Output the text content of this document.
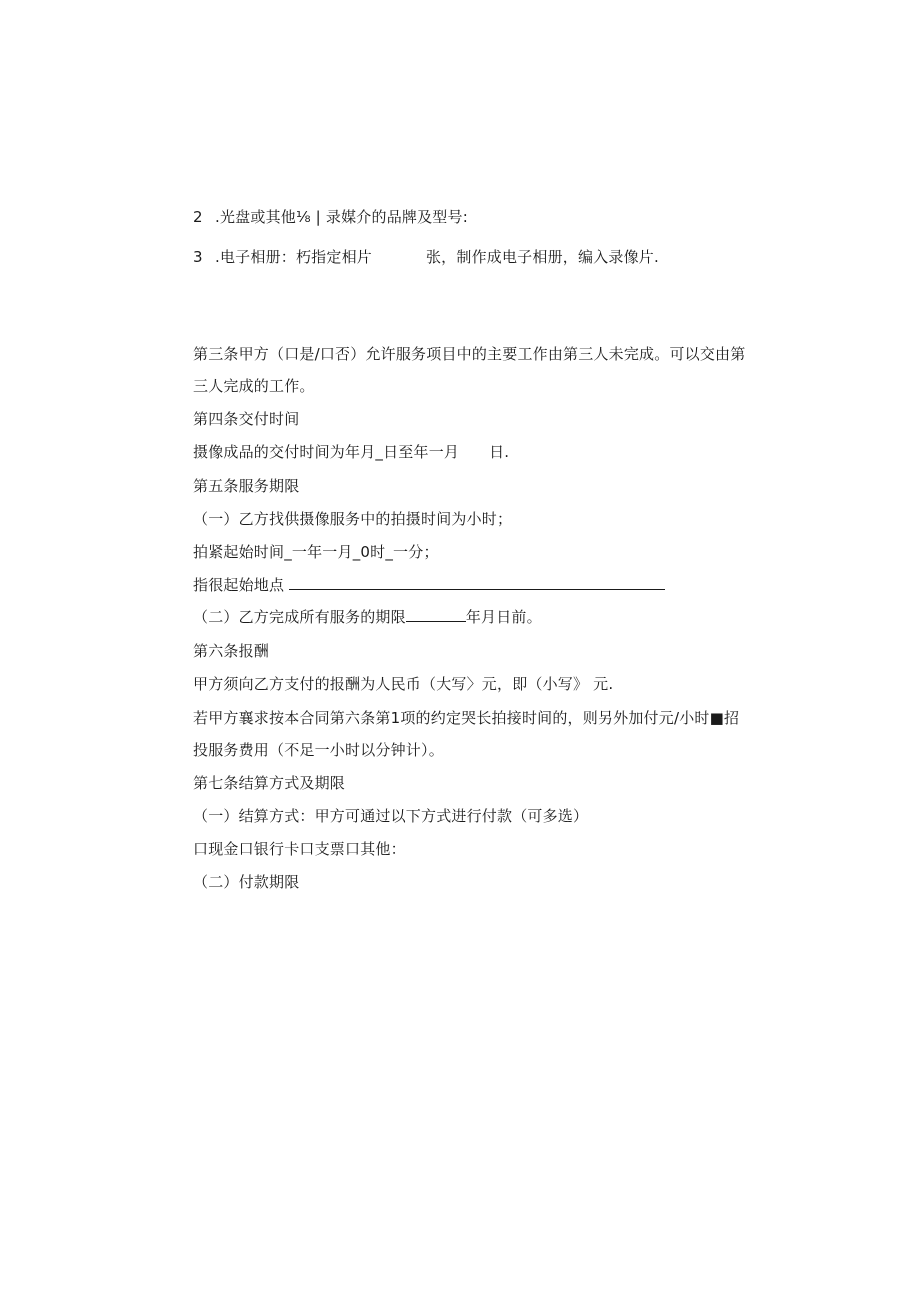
2 .光盘或其他⅛ | 录媒介的品牌及型号:
3 .电子相册：朽指定相片	张，制作成电子相册，编入录像片.
第三条甲方（口是/口否）允许服务项目中的主要工作由第三人未完成。可以交由第
三人完成的工作。
第四条交付时间
摄像成品的交付时间为年月_日至年一月 日.
第五条服务期限
（一）乙方找供摄像服务中的拍摄时间为小时；
拍紧起始时间_一年一月_0时_一分；
指很起始地点
（二）乙方完成所有服务的期限	年月日前。
第六条报酬
甲方须向乙方支付的报酬为人民币（大写〉元，即（小写》 元.
若甲方襄求按本合同第六条第1项的约定哭长拍接时间的，则另外加付元/小时■招
投服务费用（不足一小时以分钟计）。
第七条结算方式及期限
（一）结算方式：甲方可通过以下方式进行付款（可多选）
口现金口银行卡口支票口其他：
（二）付款期限
